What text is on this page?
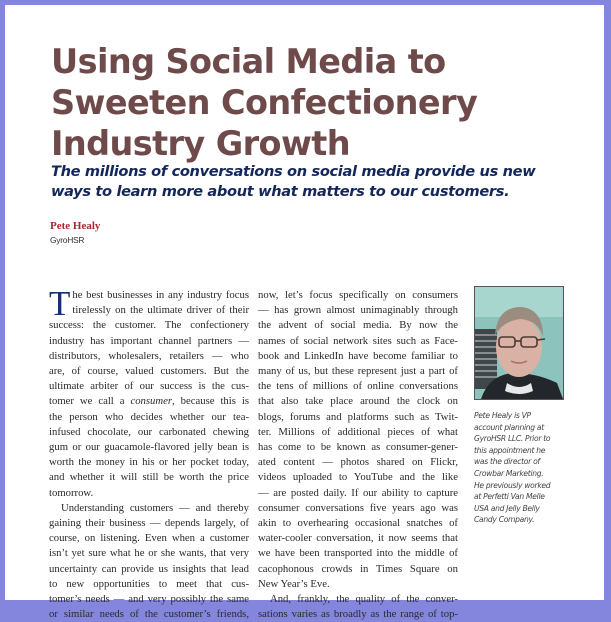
Using Social Media to
Sweeten Confectionery
Industry Growth
The millions of conversations on social media provide us new
ways to learn more about what matters to our customers.
Pete Healy
GyroHSR
T he best businesses in any industry focus
tirelessly on the ultimate driver of their
success: the customer. The confectionery
industry has important channel partners —
distributors, wholesalers, retailers — who
are, of course, valued customers. But the
ultimate arbiter of our success is the cus-
tomer we call a consumer, because this is
the person who decides whether our tea-
infused chocolate, our carbonated chewing
gum or our guacamole-flavored jelly bean is
worth the money in his or her pocket today,
and whether it will still be worth the price
tomorrow.
Understanding customers — and thereby
gaining their business — depends largely, of
course, on listening. Even when a customer
isn’t yet sure what he or she wants, that very
uncertainty can provide us insights that lead
to new opportunities to meet that cus-
tomer’s needs — and very possibly the same
or similar needs of the customer’s friends,
now, let’s focus specifically on consumers
— has grown almost unimaginably through
the advent of social media. By now the
names of social network sites such as Face-
book and LinkedIn have become familiar to
many of us, but these represent just a part of
the tens of millions of online conversations
that also take place around the clock on
blogs, forums and platforms such as Twit-
ter. Millions of additional pieces of what
has come to be known as consumer-gener-
ated content — photos shared on Flickr,
videos uploaded to YouTube and the like
— are posted daily. If our ability to capture
consumer conversations five years ago was
akin to overhearing occasional snatches of
water-cooler conversation, it now seems that
we have been transported into the middle of
cacophonous crowds in Times Square on
New Year’s Eve.
And, frankly, the quality of the conver-
sations varies as broadly as the range of top-
Pete Healy is VP
account planning at
GyroHSR LLC. Prior to
this appointment he
was the director of
Crowbar Marketing.
He previously worked
at Perfetti Van Melle
USA and Jelly Belly
Candy Company.
